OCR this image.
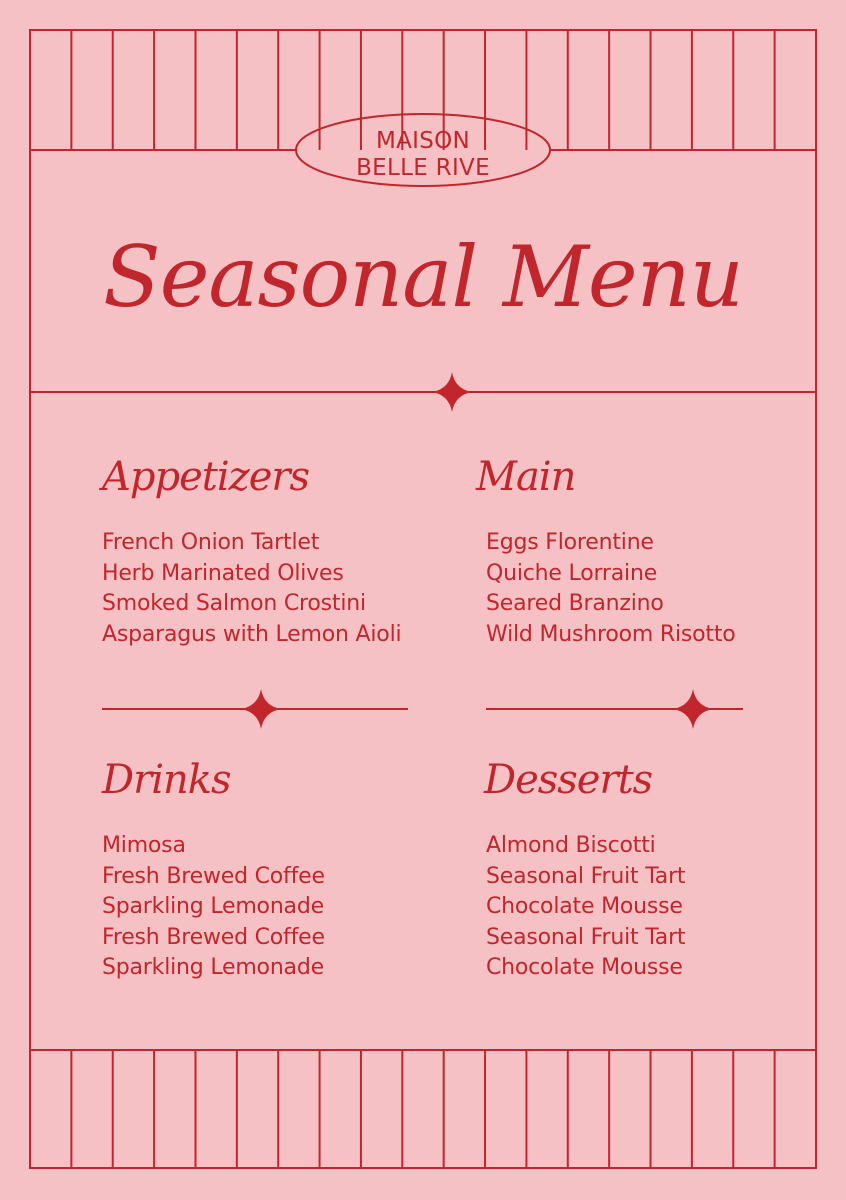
MAISON
BELLE RIVE
Seasonal Menu
Appetizers
French Onion Tartlet
Herb Marinated Olives
Smoked Salmon Crostini
Asparagus with Lemon Aioli
Main
Eggs Florentine
Quiche Lorraine
Seared Branzino
Wild Mushroom Risotto
Drinks
Mimosa
Fresh Brewed Coffee
Sparkling Lemonade
Fresh Brewed Coffee
Sparkling Lemonade
Desserts
Almond Biscotti
Seasonal Fruit Tart
Chocolate Mousse
Seasonal Fruit Tart
Chocolate Mousse
